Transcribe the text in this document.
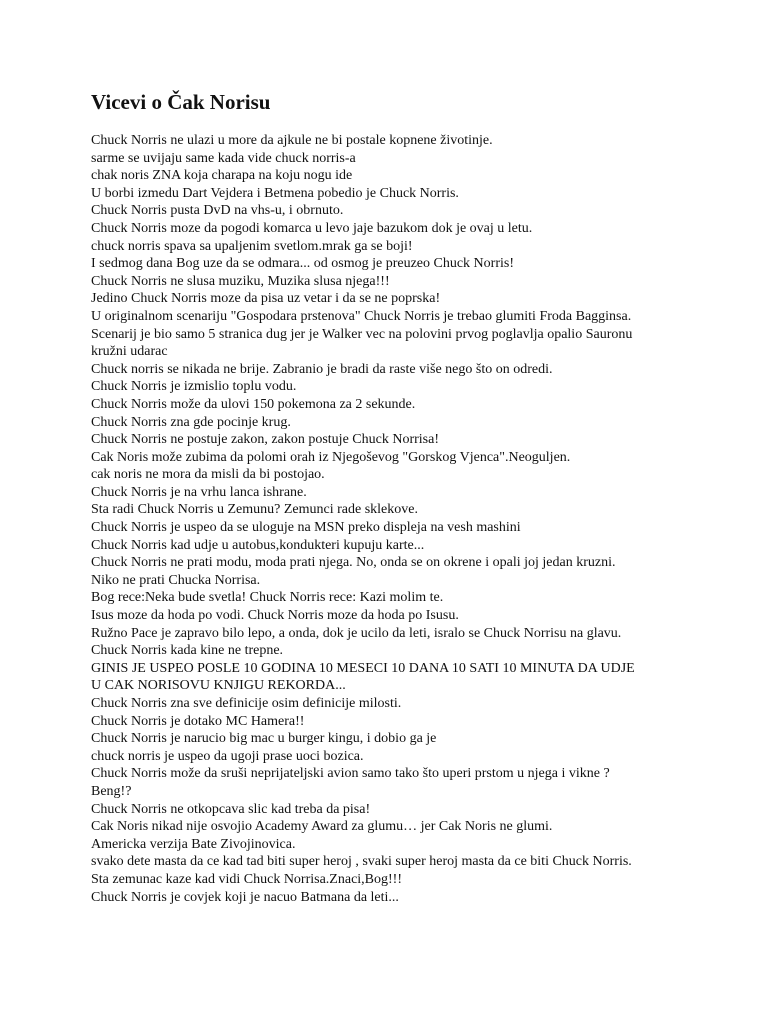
Vicevi o Čak Norisu
Chuck Norris ne ulazi u more da ajkule ne bi postale kopnene životinje.
sarme se uvijaju same kada vide chuck norris-a
chak noris ZNA koja charapa na koju nogu ide
U borbi izmedu Dart Vejdera i Betmena pobedio je Chuck Norris.
Chuck Norris pusta DvD na vhs-u, i obrnuto.
Chuck Norris moze da pogodi komarca u levo jaje bazukom dok je ovaj u letu.
chuck norris spava sa upaljenim svetlom.mrak ga se boji!
I sedmog dana Bog uze da se odmara... od osmog je preuzeo Chuck Norris!
Chuck Norris ne slusa muziku, Muzika slusa njega!!!
Jedino Chuck Norris moze da pisa uz vetar i da se ne poprska!
U originalnom scenariju "Gospodara prstenova" Chuck Norris je trebao glumiti Froda Bagginsa.
Scenarij je bio samo 5 stranica dug jer je Walker vec na polovini prvog poglavlja opalio Sauronu
kružni udarac
Chuck norris se nikada ne brije. Zabranio je bradi da raste više nego što on odredi.
Chuck Norris je izmislio toplu vodu.
Chuck Norris može da ulovi 150 pokemona za 2 sekunde.
Chuck Norris zna gde pocinje krug.
Chuck Norris ne postuje zakon, zakon postuje Chuck Norrisa!
Cak Noris može zubima da polomi orah iz Njegoševog "Gorskog Vjenca".Neoguljen.
cak noris ne mora da misli da bi postojao.
Chuck Norris je na vrhu lanca ishrane.
Sta radi Chuck Norris u Zemunu? Zemunci rade sklekove.
Chuck Norris je uspeo da se uloguje na MSN preko displeja na vesh mashini
Chuck Norris kad udje u autobus,kondukteri kupuju karte...
Chuck Norris ne prati modu, moda prati njega. No, onda se on okrene i opali joj jedan kruzni.
Niko ne prati Chucka Norrisa.
Bog rece:Neka bude svetla! Chuck Norris rece: Kazi molim te.
Isus moze da hoda po vodi. Chuck Norris moze da hoda po Isusu.
Ružno Pace je zapravo bilo lepo, a onda, dok je ucilo da leti, isralo se Chuck Norrisu na glavu.
Chuck Norris kada kine ne trepne.
GINIS JE USPEO POSLE 10 GODINA 10 MESECI 10 DANA 10 SATI 10 MINUTA DA UDJE
U CAK NORISOVU KNJIGU REKORDA...
Chuck Norris zna sve definicije osim definicije milosti.
Chuck Norris je dotako MC Hamera!!
Chuck Norris je narucio big mac u burger kingu, i dobio ga je
chuck norris je uspeo da ugoji prase uoci bozica.
Chuck Norris može da sruši neprijateljski avion samo tako što uperi prstom u njega i vikne ?
Beng!?
Chuck Norris ne otkopcava slic kad treba da pisa!
Cak Noris nikad nije osvojio Academy Award za glumu… jer Cak Noris ne glumi.
Americka verzija Bate Zivojinovica.
svako dete masta da ce kad tad biti super heroj , svaki super heroj masta da ce biti Chuck Norris.
Sta zemunac kaze kad vidi Chuck Norrisa.Znaci,Bog!!!
Chuck Norris je covjek koji je nacuo Batmana da leti...
